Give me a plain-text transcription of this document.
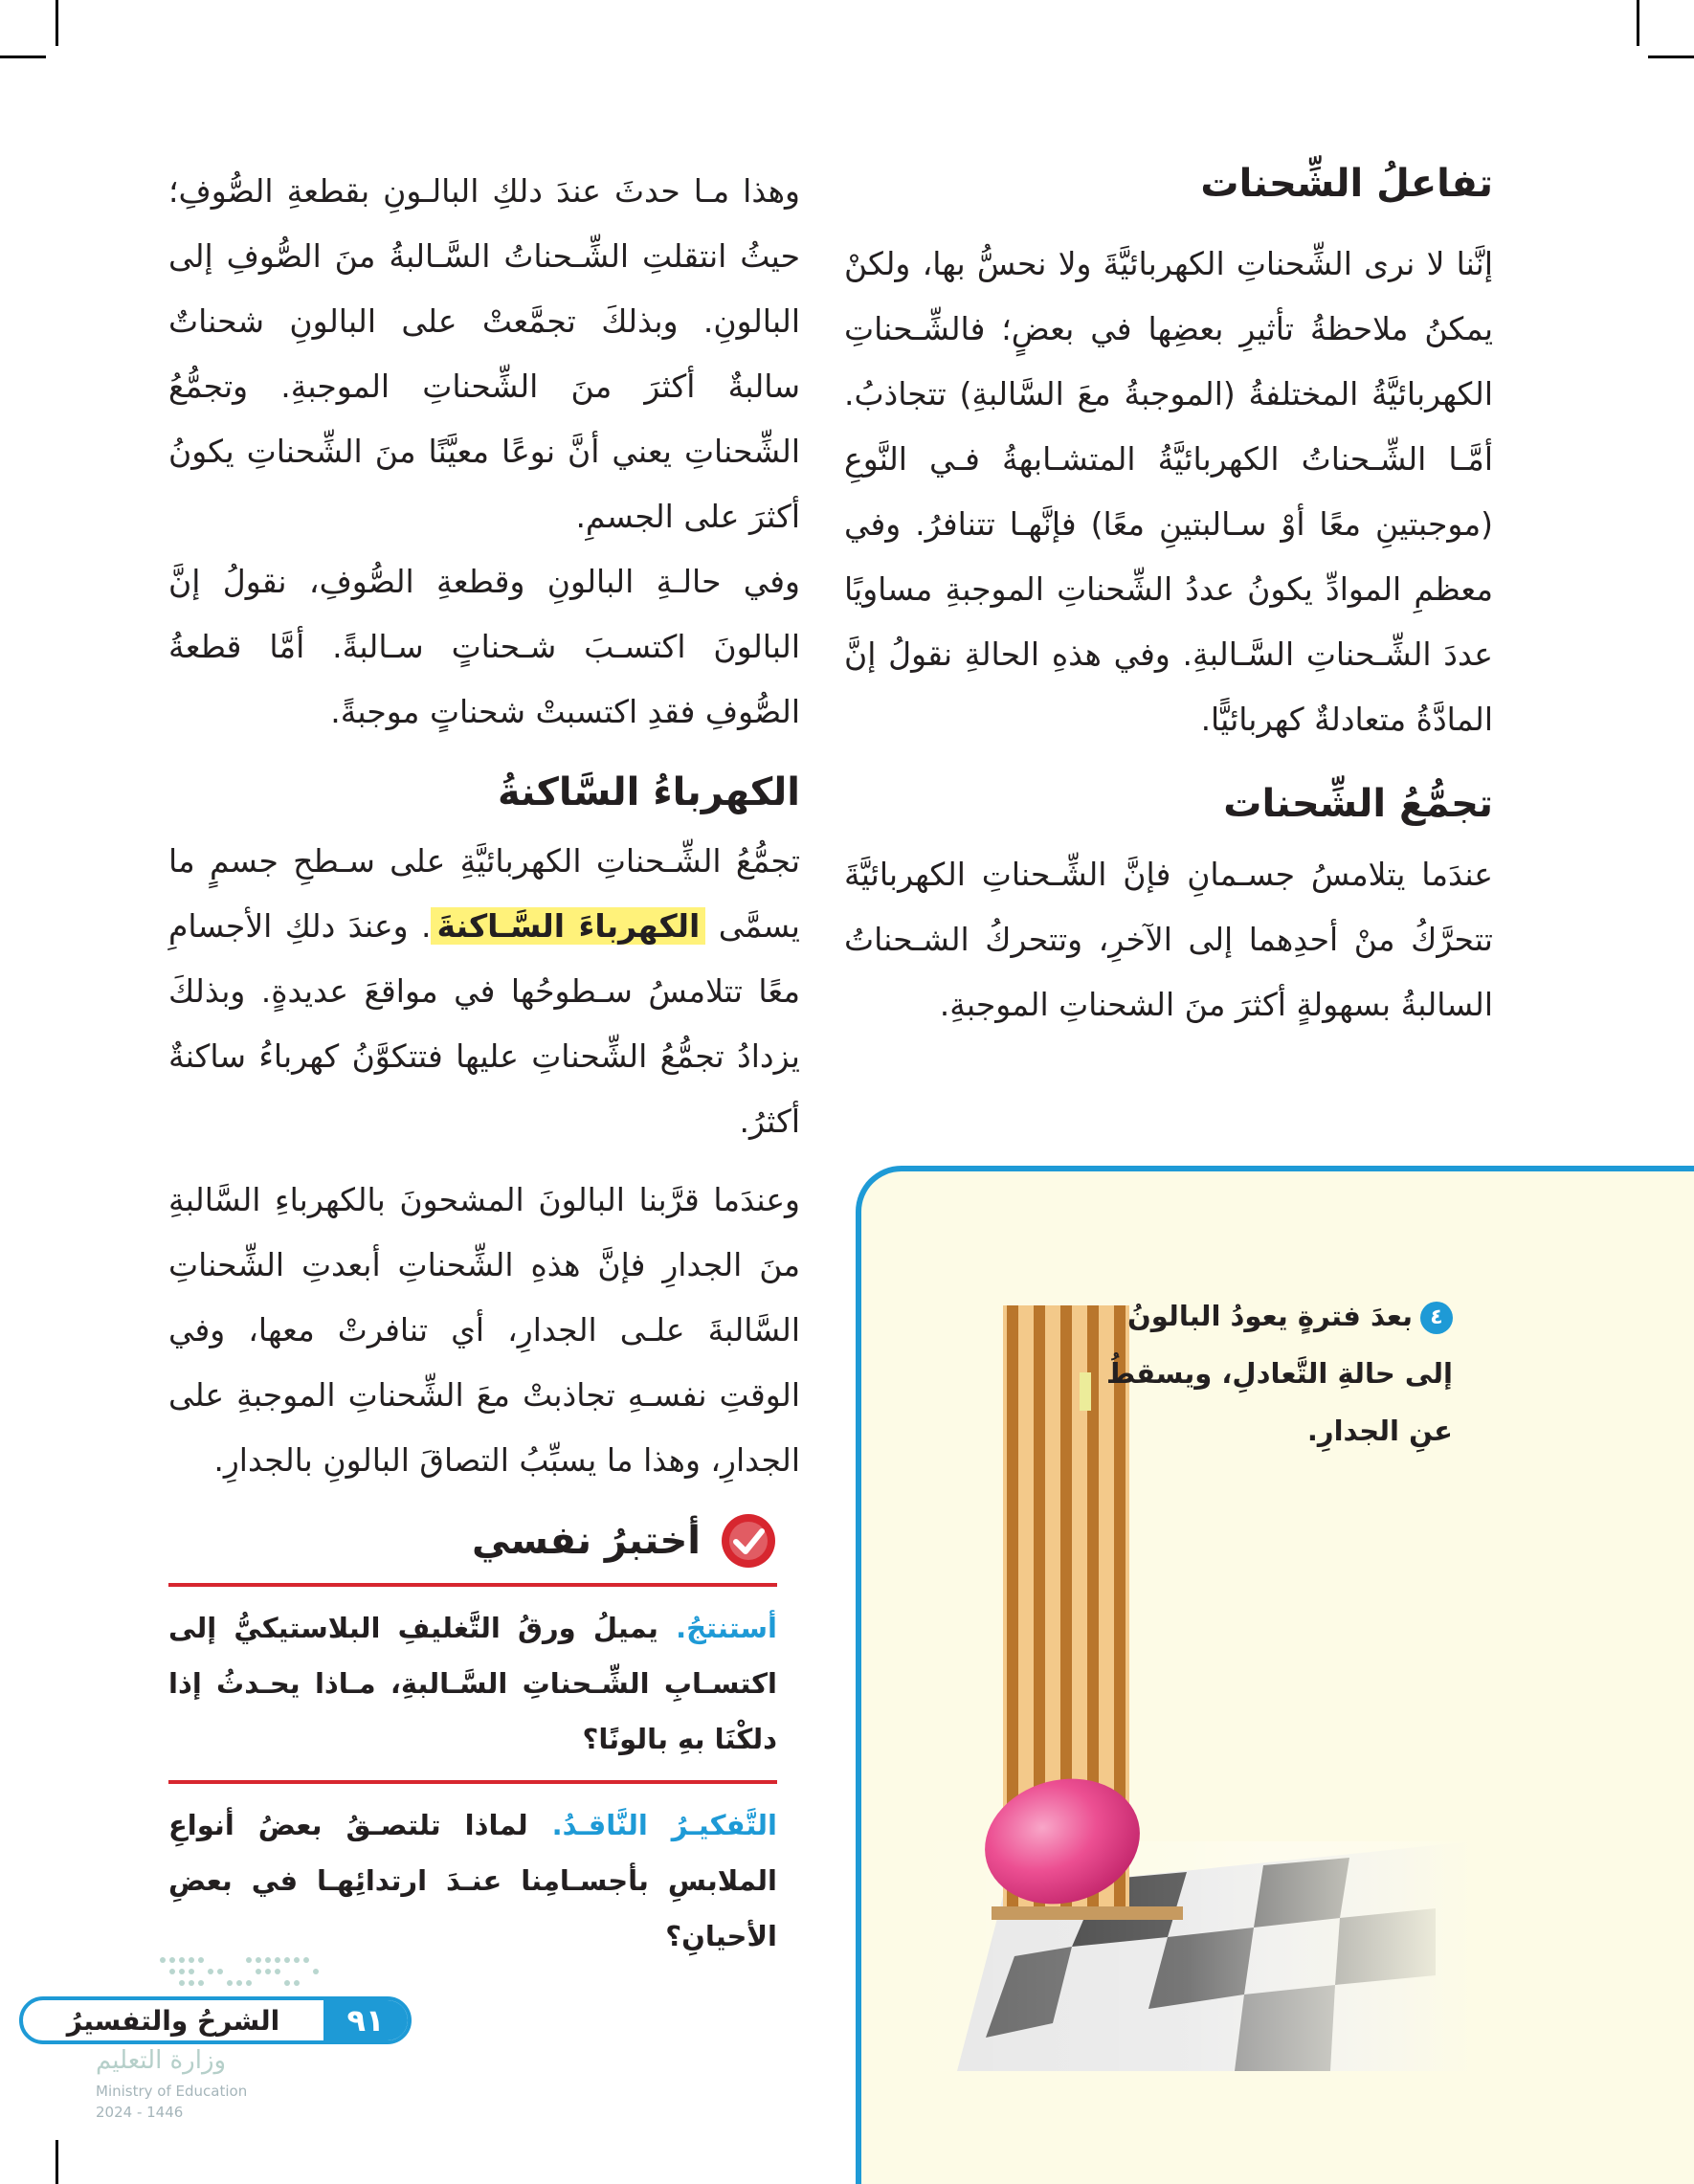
تفاعلُ الشِّحنات

إنَّنا لا نرى الشِّحناتِ الكهربائيَّةَ ولا نحسُّ بها، ولكنْ يمكنُ ملاحظةُ تأثيرِ بعضِها في بعضٍ؛ فالشِّـحناتِ الكهربائيَّةُ المختلفةُ (الموجبةُ معَ السَّالبةِ) تتجاذبُ. أمَّـا الشِّـحناتُ الكهربائيَّةُ المتشـابهةُ فـي النَّوعِ (موجبتينِ معًا أوْ سـالبتينِ معًا) فإنَّهـا تتنافرُ. وفي معظمِ الموادِّ يكونُ عددُ الشِّحناتِ الموجبةِ مساويًا عددَ الشِّـحناتِ السَّـالبةِ. وفي هذهِ الحالةِ نقولُ إنَّ المادَّةُ متعادلةٌ كهربائيًّا.

تجمُّعُ الشِّحنات

عندَما يتلامسُ جسـمانِ فإنَّ الشِّـحناتِ الكهربائيَّةَ تتحرَّكُ منْ أحدِهما إلى الآخرِ، وتتحركُ الشـحناتُ السالبةُ بسهولةٍ أكثرَ منَ الشحناتِ الموجبةِ.

وهذا مـا حدثَ عندَ دلكِ البالـونِ بقطعةِ الصُّوفِ؛ حيثُ انتقلتِ الشِّـحناتُ السَّـالبةُ منَ الصُّوفِ إلى البالونِ. وبذلكَ تجمَّعتْ على البالونِ شحناتٌ سالبةٌ أكثرَ منَ الشِّحناتِ الموجبةِ. وتجمُّعُ الشِّحناتِ يعني أنَّ نوعًا معيَّنًا منَ الشِّحناتِ يكونُ أكثرَ على الجسمِ.

وفي حالـةِ البالونِ وقطعةِ الصُّوفِ، نقولُ إنَّ البالونَ اكتسـبَ شـحناتٍ سـالبةً. أمَّا قطعةُ الصُّوفِ فقدِ اكتسبتْ شحناتٍ موجبةً.

الكهرباءُ السَّاكنةُ

تجمُّعُ الشِّـحناتِ الكهربائيَّةِ على سـطحِ جسمٍ ما يسمَّى الكهرباءَ السَّـاكنةَ. وعندَ دلكِ الأجسامِ معًا تتلامسُ سـطوحُها في مواقعَ عديدةٍ. وبذلكَ يزدادُ تجمُّعُ الشِّحناتِ عليها فتتكوَّنُ كهرباءُ ساكنةٌ أكثرُ.

وعندَما قرَّبنا البالونَ المشحونَ بالكهرباءِ السَّالبةِ منَ الجدارِ فإنَّ هذهِ الشِّحناتِ أبعدتِ الشِّحناتِ السَّالبةَ علـى الجدارِ، أي تنافرتْ معها، وفي الوقتِ نفسـهِ تجاذبتْ معَ الشِّحناتِ الموجبةِ على الجدارِ، وهذا ما يسبِّبُ التصاقَ البالونِ بالجدارِ.

٤بعدَ فترةٍ يعودُ البالونُ إلى حالةِ التَّعادلِ، ويسقطُ عنِ الجدارِ.
أختبرُ نفسي

أستنتجُ. يميلُ ورقُ التَّغليفِ البلاستيكيُّ إلى اكتسـابِ الشِّـحناتِ السَّـالبةِ، مـاذا يحـدثُ إذا دلكْنَا بهِ بالونًا؟

التَّفكيـرُ النَّاقـدُ. لماذا تلتصـقُ بعضُ أنواعِ الملابسِ بأجسـامِنا عنـدَ ارتدائِهـا في بعضِ الأحيانِ؟

الشرحُ والتفسيرُ	٩١
وزارة التعليم
Ministry of Education
2024 - 1446
